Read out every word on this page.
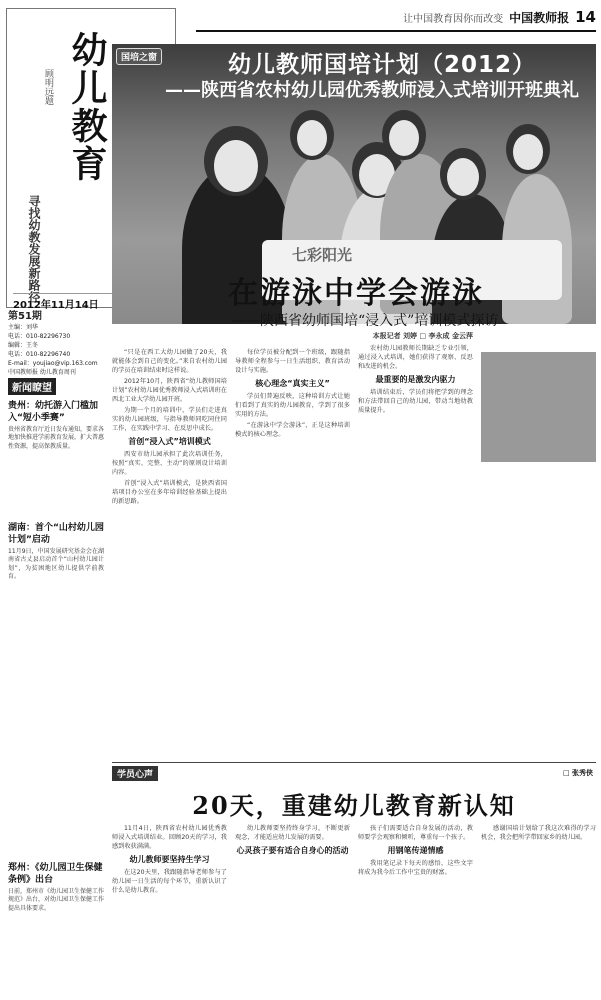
让中国教育因你而改变 中国教师报 14
幼儿教育
顾明远题
寻找幼教发展新路径
2012年11月14日
第51期
主编：刘华
电话：010-82296730
编辑：王冬
电话：010-82296740
E-mail：youjiao@vip.163.com
中国教师报 幼儿教育周刊
新闻瞭望
贵州：幼托游入门槛加入“短小季赛”
贵州省教育厅近日发布通知，要求各地加快推进学前教育发展，扩大普惠性资源，提高保教质量。
湖南：首个“山村幼儿园计划”启动
11月9日，中国发展研究基金会在湖南省古丈县启动首个“山村幼儿园计划”，为贫困地区幼儿提供学前教育。
郑州：《幼儿园卫生保健条例》出台
日前，郑州市《幼儿园卫生保健工作规范》出台，对幼儿园卫生保健工作提出具体要求。
国培之窗	幼儿教师国培计划（2012）
——陕西省农村幼儿园优秀教师浸入式培训开班典礼
七彩阳光
在游泳中学会游泳
——陕西省幼师国培“浸入式”培训模式探访

“只是在西工大幼儿园做了20天，我就能体会到自己的变化。”来自农村幼儿园的学员在培训结束时这样说。

2012年10月，陕西省“幼儿教师国培计划”农村幼儿园优秀教师浸入式培训班在西北工业大学幼儿园开班。

为期一个月的培训中，学员们走进真实的幼儿园班级，与指导教师同吃同住同工作，在实践中学习、在反思中成长。

首创“浸入式”培训模式

西安市幼儿园承担了此次培训任务，按照“真实、完整、主动”的原则设计培训内容。

首创“浸入式”培训模式，是陕西省国培项目办公室在多年培训经验基础上提出的新思路。

每位学员被分配到一个班级，跟随指导教师全程参与一日生活组织、教育活动设计与实施。

核心理念“真实主义”

学员们普遍反映，这种培训方式让她们看到了真实的幼儿园教育，学到了很多实用的方法。

“在游泳中学会游泳”，正是这种培训模式的核心理念。

本报记者 刘婷 □ 李永成 金云萍

农村幼儿园教师长期缺乏专业引领，通过浸入式培训，她们获得了观察、反思和改进的机会。

最重要的是激发内驱力

培训结束后，学员们将把学到的理念和方法带回自己的幼儿园，带动当地幼教质量提升。

学员心声	□ 张秀侠
20天，重建幼儿教育新认知

11月4日，陕西省农村幼儿园优秀教师浸入式培训结业。回顾20天的学习，我感到收获满满。

幼儿教师要坚持生学习

在这20天里，我跟随指导老师参与了幼儿园一日生活的每个环节，重新认识了什么是幼儿教育。

幼儿教师要坚持终身学习，不断更新观念，才能适应幼儿发展的需要。

心灵孩子要有适合自身心的活动

孩子们需要适合自身发展的活动，教师要学会观察和倾听，尊重每一个孩子。

用钢笔传递情感

我用笔记录下每天的感悟，这些文字将成为我今后工作中宝贵的财富。

感谢国培计划给了我这次难得的学习机会，我会把所学带回家乡的幼儿园。
